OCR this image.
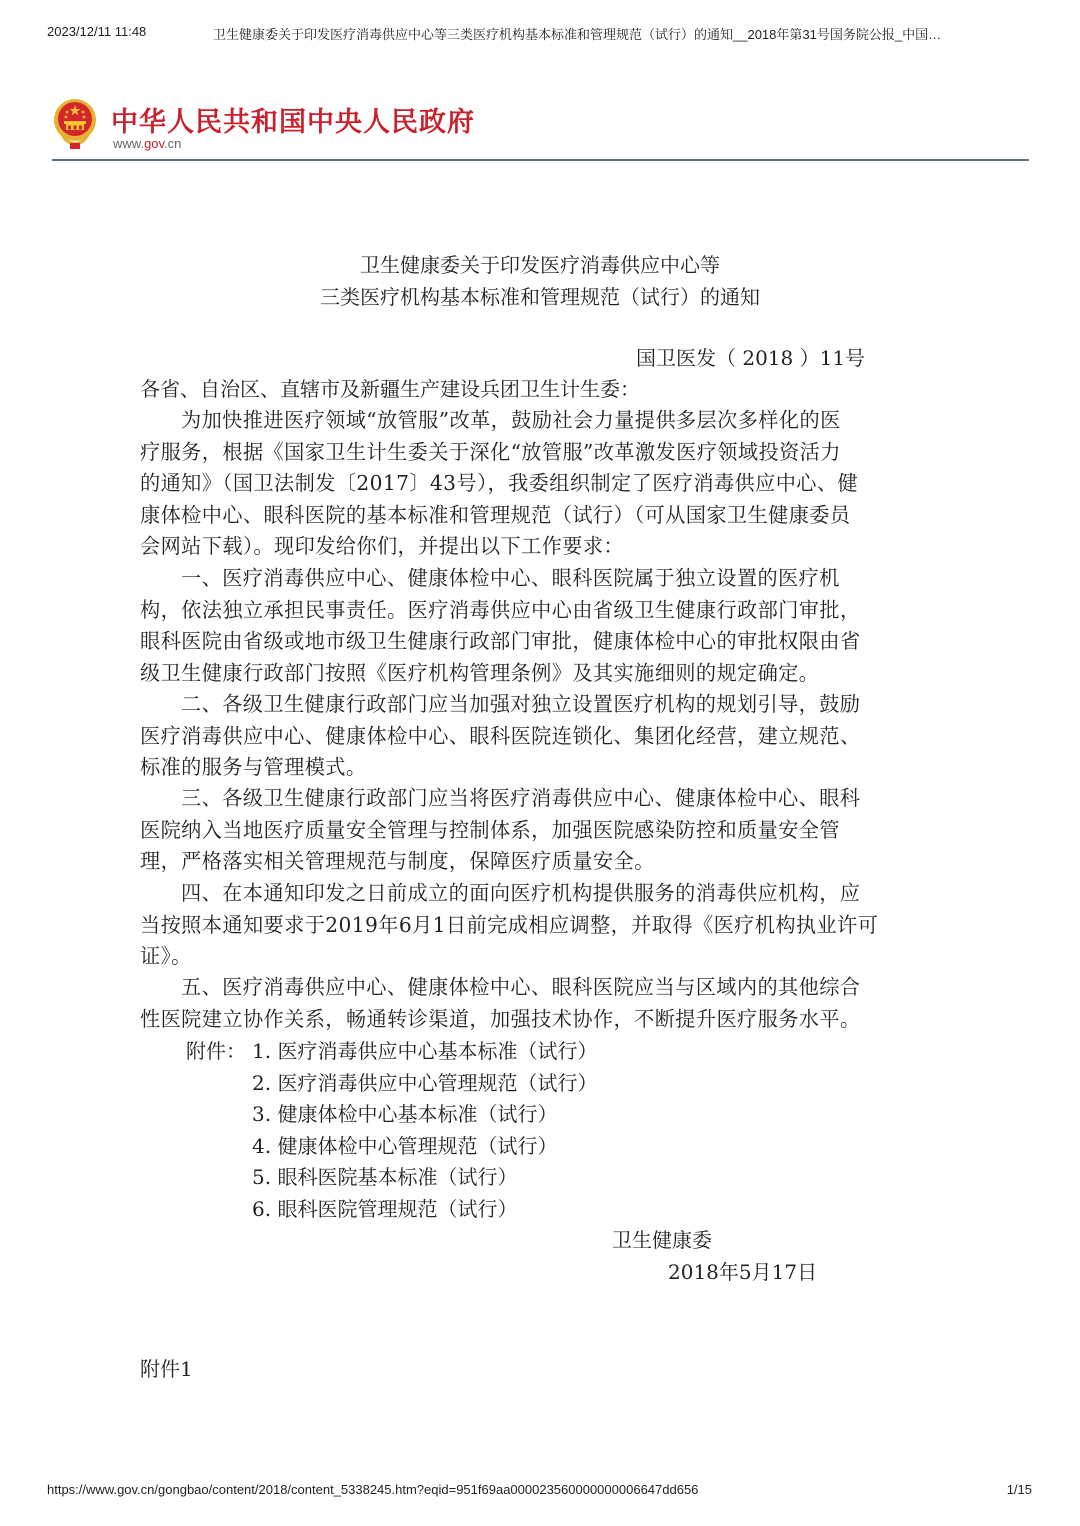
2023/12/11 11:48	卫生健康委关于印发医疗消毒供应中心等三类医疗机构基本标准和管理规范（试行）的通知__2018年第31号国务院公报_中国…
中华人民共和国中央人民政府
www.gov.cn
卫生健康委关于印发医疗消毒供应中心等
三类医疗机构基本标准和管理规范（试行）的通知
国卫医发（ 2018 ）11号
各省、自治区、直辖市及新疆生产建设兵团卫生计生委：
为加快推进医疗领域“放管服”改革，鼓励社会力量提供多层次多样化的医
疗服务，根据《国家卫生计生委关于深化“放管服”改革激发医疗领域投资活力
的通知》（国卫法制发〔2017〕43号），我委组织制定了医疗消毒供应中心、健
康体检中心、眼科医院的基本标准和管理规范（试行）（可从国家卫生健康委员
会网站下载）。现印发给你们，并提出以下工作要求：
一、医疗消毒供应中心、健康体检中心、眼科医院属于独立设置的医疗机
构，依法独立承担民事责任。医疗消毒供应中心由省级卫生健康行政部门审批，
眼科医院由省级或地市级卫生健康行政部门审批，健康体检中心的审批权限由省
级卫生健康行政部门按照《医疗机构管理条例》及其实施细则的规定确定。
二、各级卫生健康行政部门应当加强对独立设置医疗机构的规划引导，鼓励
医疗消毒供应中心、健康体检中心、眼科医院连锁化、集团化经营，建立规范、
标准的服务与管理模式。
三、各级卫生健康行政部门应当将医疗消毒供应中心、健康体检中心、眼科
医院纳入当地医疗质量安全管理与控制体系，加强医院感染防控和质量安全管
理，严格落实相关管理规范与制度，保障医疗质量安全。
四、在本通知印发之日前成立的面向医疗机构提供服务的消毒供应机构，应
当按照本通知要求于2019年6月1日前完成相应调整，并取得《医疗机构执业许可
证》。
五、医疗消毒供应中心、健康体检中心、眼科医院应当与区域内的其他综合
性医院建立协作关系，畅通转诊渠道，加强技术协作，不断提升医疗服务水平。
附件： 1. 医疗消毒供应中心基本标准（试行）
2. 医疗消毒供应中心管理规范（试行）
3. 健康体检中心基本标准（试行）
4. 健康体检中心管理规范（试行）
5. 眼科医院基本标准（试行）
6. 眼科医院管理规范（试行）
卫生健康委
2018年5月17日
附件1
https://www.gov.cn/gongbao/content/2018/content_5338245.htm?eqid=951f69aa000023560000000006647dd656	1/15
